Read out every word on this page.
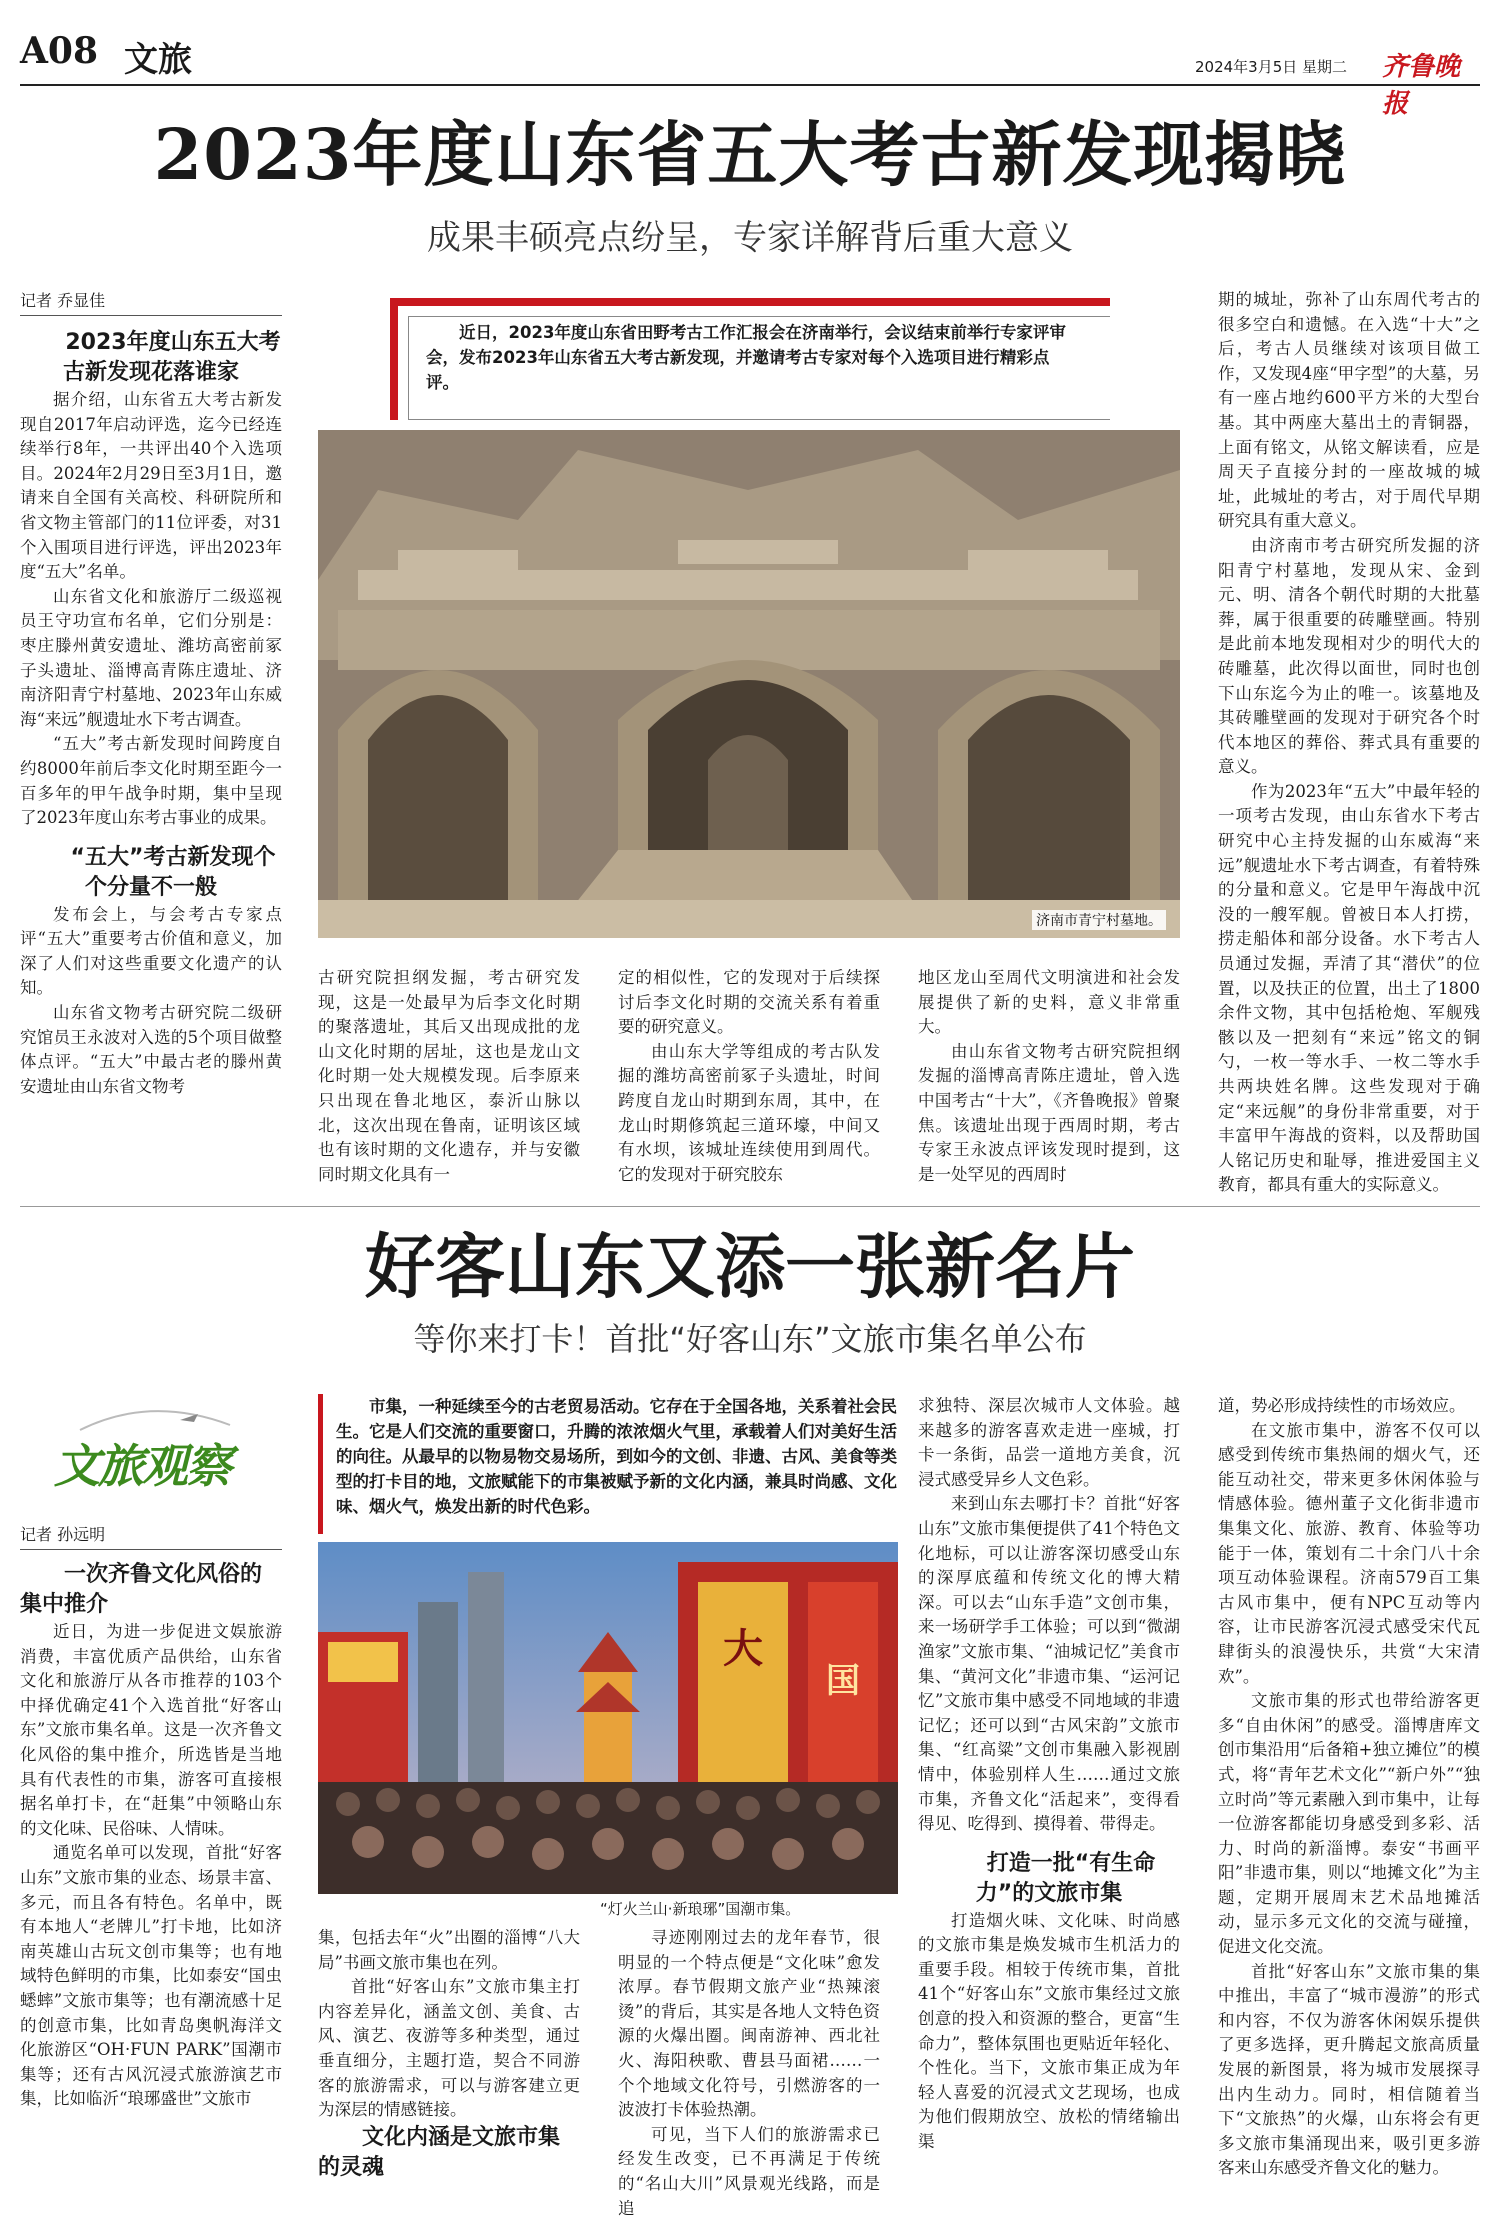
A08 文旅	2024年3月5日 星期二 齐鲁晚报
2023年度山东省五大考古新发现揭晓
成果丰硕亮点纷呈，专家详解背后重大意义
记者 乔显佳

近日，2023年度山东省田野考古工作汇报会在济南举行，会议结束前举行专家评审会，发布2023年山东省五大考古新发现，并邀请考古专家对每个入选项目进行精彩点评。

济南市青宁村墓地。

2023年度山东五大考古新发现花落谁家

据介绍，山东省五大考古新发现自2017年启动评选，迄今已经连续举行8年，一共评出40个入选项目。2024年2月29日至3月1日，邀请来自全国有关高校、科研院所和省文物主管部门的11位评委，对31个入围项目进行评选，评出2023年度“五大”名单。

山东省文化和旅游厅二级巡视员王守功宣布名单，它们分别是：枣庄滕州黄安遗址、潍坊高密前冢子头遗址、淄博高青陈庄遗址、济南济阳青宁村墓地、2023年山东威海“来远”舰遗址水下考古调查。

“五大”考古新发现时间跨度自约8000年前后李文化时期至距今一百多年的甲午战争时期，集中呈现了2023年度山东考古事业的成果。

“五大”考古新发现个个分量不一般

发布会上，与会考古专家点评“五大”重要考古价值和意义，加深了人们对这些重要文化遗产的认知。

山东省文物考古研究院二级研究馆员王永波对入选的5个项目做整体点评。“五大”中最古老的滕州黄安遗址由山东省文物考

古研究院担纲发掘，考古研究发现，这是一处最早为后李文化时期的聚落遗址，其后又出现成批的龙山文化时期的居址，这也是龙山文化时期一处大规模发现。后李原来只出现在鲁北地区，泰沂山脉以北，这次出现在鲁南，证明该区域也有该时期的文化遗存，并与安徽同时期文化具有一

定的相似性，它的发现对于后续探讨后李文化时期的交流关系有着重要的研究意义。

由山东大学等组成的考古队发掘的潍坊高密前冢子头遗址，时间跨度自龙山时期到东周，其中，在龙山时期修筑起三道环壕，中间又有水坝，该城址连续使用到周代。它的发现对于研究胶东

地区龙山至周代文明演进和社会发展提供了新的史料，意义非常重大。

由山东省文物考古研究院担纲发掘的淄博高青陈庄遗址，曾入选中国考古“十大”，《齐鲁晚报》曾聚焦。该遗址出现于西周时期，考古专家王永波点评该发现时提到，这是一处罕见的西周时

期的城址，弥补了山东周代考古的很多空白和遗憾。在入选“十大”之后，考古人员继续对该项目做工作，又发现4座“甲字型”的大墓，另有一座占地约600平方米的大型台基。其中两座大墓出土的青铜器，上面有铭文，从铭文解读看，应是周天子直接分封的一座故城的城址，此城址的考古，对于周代早期研究具有重大意义。

由济南市考古研究所发掘的济阳青宁村墓地，发现从宋、金到元、明、清各个朝代时期的大批墓葬，属于很重要的砖雕壁画。特别是此前本地发现相对少的明代大的砖雕墓，此次得以面世，同时也创下山东迄今为止的唯一。该墓地及其砖雕壁画的发现对于研究各个时代本地区的葬俗、葬式具有重要的意义。

作为2023年“五大”中最年轻的一项考古发现，由山东省水下考古研究中心主持发掘的山东威海“来远”舰遗址水下考古调查，有着特殊的分量和意义。它是甲午海战中沉没的一艘军舰。曾被日本人打捞，捞走船体和部分设备。水下考古人员通过发掘，弄清了其“潜伏”的位置，以及扶正的位置，出土了1800余件文物，其中包括枪炮、军舰残骸以及一把刻有“来远”铭文的铜勺，一枚一等水手、一枚二等水手共两块姓名牌。这些发现对于确定“来远舰”的身份非常重要，对于丰富甲午海战的资料，以及帮助国人铭记历史和耻辱，推进爱国主义教育，都具有重大的实际意义。

好客山东又添一张新名片
等你来打卡！首批“好客山东”文旅市集名单公布
文旅观察
记者 孙远明

市集，一种延续至今的古老贸易活动。它存在于全国各地，关系着社会民生。它是人们交流的重要窗口，升腾的浓浓烟火气里，承载着人们对美好生活的向往。从最早的以物易物交易场所，到如今的文创、非遗、古风、美食等类型的打卡目的地，文旅赋能下的市集被赋予新的文化内涵，兼具时尚感、文化味、烟火气，焕发出新的时代色彩。

大
国
“灯火兰山·新琅琊”国潮市集。

一次齐鲁文化风俗的集中推介

近日，为进一步促进文娱旅游消费，丰富优质产品供给，山东省文化和旅游厅从各市推荐的103个中择优确定41个入选首批“好客山东”文旅市集名单。这是一次齐鲁文化风俗的集中推介，所选皆是当地具有代表性的市集，游客可直接根据名单打卡，在“赶集”中领略山东的文化味、民俗味、人情味。

通览名单可以发现，首批“好客山东”文旅市集的业态、场景丰富、多元，而且各有特色。名单中，既有本地人“老牌儿”打卡地，比如济南英雄山古玩文创市集等；也有地域特色鲜明的市集，比如泰安“国虫蟋蟀”文旅市集等；也有潮流感十足的创意市集，比如青岛奥帆海洋文化旅游区“OH·FUN PARK”国潮市集等；还有古风沉浸式旅游演艺市集，比如临沂“琅琊盛世”文旅市

集，包括去年“火”出圈的淄博“八大局”书画文旅市集也在列。

首批“好客山东”文旅市集主打内容差异化，涵盖文创、美食、古风、演艺、夜游等多种类型，通过垂直细分，主题打造，契合不同游客的旅游需求，可以与游客建立更为深层的情感链接。

文化内涵是文旅市集的灵魂

寻迹刚刚过去的龙年春节，很明显的一个特点便是“文化味”愈发浓厚。春节假期文旅产业“热辣滚烫”的背后，其实是各地人文特色资源的火爆出圈。闽南游神、西北社火、海阳秧歌、曹县马面裙……一个个地域文化符号，引燃游客的一波波打卡体验热潮。

可见，当下人们的旅游需求已经发生改变，已不再满足于传统的“名山大川”风景观光线路，而是追

求独特、深层次城市人文体验。越来越多的游客喜欢走进一座城，打卡一条街，品尝一道地方美食，沉浸式感受异乡人文色彩。

来到山东去哪打卡？首批“好客山东”文旅市集便提供了41个特色文化地标，可以让游客深切感受山东的深厚底蕴和传统文化的博大精深。可以去“山东手造”文创市集，来一场研学手工体验；可以到“微湖渔家”文旅市集、“油城记忆”美食市集、“黄河文化”非遗市集、“运河记忆”文旅市集中感受不同地域的非遗记忆；还可以到“古风宋韵”文旅市集、“红高粱”文创市集融入影视剧情中，体验别样人生……通过文旅市集，齐鲁文化“活起来”，变得看得见、吃得到、摸得着、带得走。

打造一批“有生命力”的文旅市集

打造烟火味、文化味、时尚感的文旅市集是焕发城市生机活力的重要手段。相较于传统市集，首批41个“好客山东”文旅市集经过文旅创意的投入和资源的整合，更富“生命力”，整体氛围也更贴近年轻化、个性化。当下，文旅市集正成为年轻人喜爱的沉浸式文艺现场，也成为他们假期放空、放松的情绪输出渠

道，势必形成持续性的市场效应。

在文旅市集中，游客不仅可以感受到传统市集热闹的烟火气，还能互动社交，带来更多休闲体验与情感体验。德州董子文化街非遗市集集文化、旅游、教育、体验等功能于一体，策划有二十余门八十余项互动体验课程。济南579百工集古风市集中，便有NPC互动等内容，让市民游客沉浸式感受宋代瓦肆街头的浪漫快乐，共赏“大宋清欢”。

文旅市集的形式也带给游客更多“自由休闲”的感受。淄博唐库文创市集沿用“后备箱+独立摊位”的模式，将“青年艺术文化”“新户外”“独立时尚”等元素融入到市集中，让每一位游客都能切身感受到多彩、活力、时尚的新淄博。泰安“书画平阳”非遗市集，则以“地摊文化”为主题，定期开展周末艺术品地摊活动，显示多元文化的交流与碰撞，促进文化交流。

首批“好客山东”文旅市集的集中推出，丰富了“城市漫游”的形式和内容，不仅为游客休闲娱乐提供了更多选择，更升腾起文旅高质量发展的新图景，将为城市发展探寻出内生动力。同时，相信随着当下“文旅热”的火爆，山东将会有更多文旅市集涌现出来，吸引更多游客来山东感受齐鲁文化的魅力。
